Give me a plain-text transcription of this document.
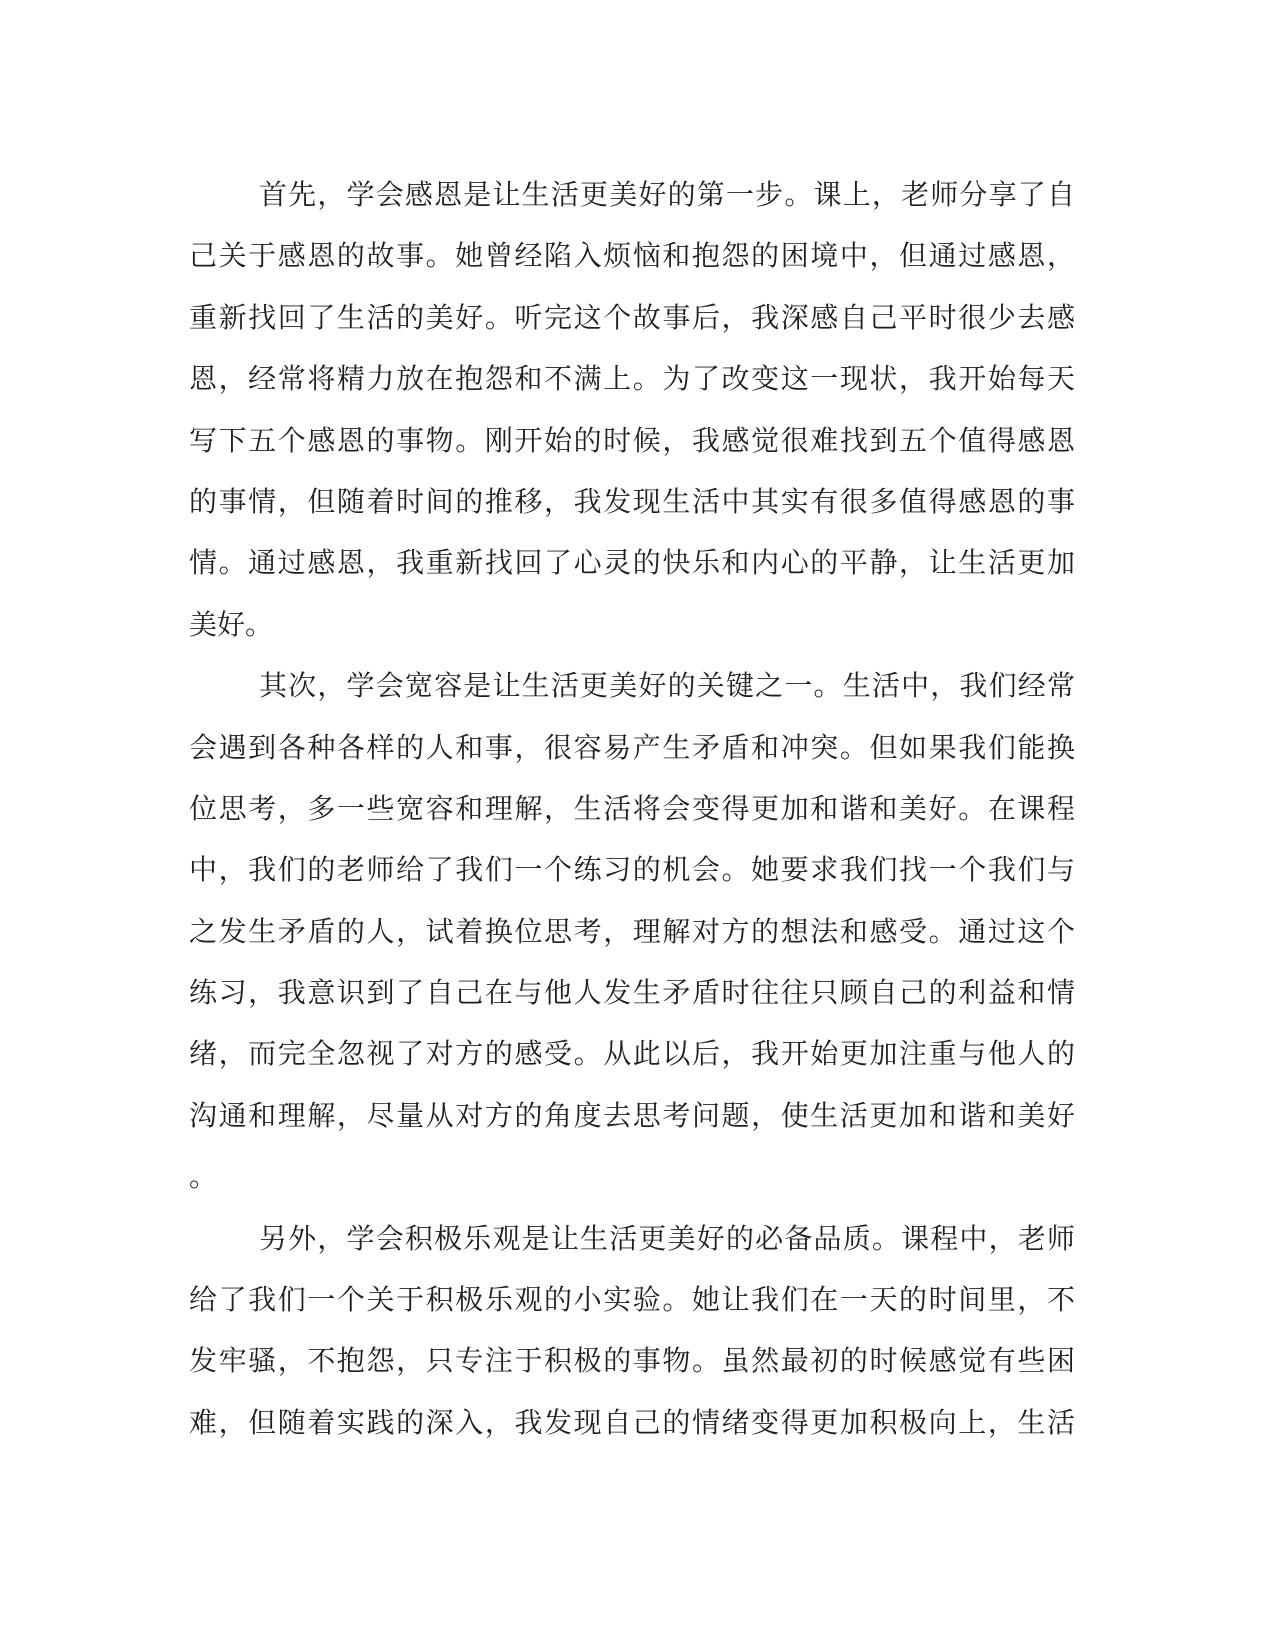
首先，学会感恩是让生活更美好的第一步。课上，老师分享了自
己关于感恩的故事。她曾经陷入烦恼和抱怨的困境中，但通过感恩，
重新找回了生活的美好。听完这个故事后，我深感自己平时很少去感
恩，经常将精力放在抱怨和不满上。为了改变这一现状，我开始每天
写下五个感恩的事物。刚开始的时候，我感觉很难找到五个值得感恩
的事情，但随着时间的推移，我发现生活中其实有很多值得感恩的事
情。通过感恩，我重新找回了心灵的快乐和内心的平静，让生活更加
美好。
其次，学会宽容是让生活更美好的关键之一。生活中，我们经常
会遇到各种各样的人和事，很容易产生矛盾和冲突。但如果我们能换
位思考，多一些宽容和理解，生活将会变得更加和谐和美好。在课程
中，我们的老师给了我们一个练习的机会。她要求我们找一个我们与
之发生矛盾的人，试着换位思考，理解对方的想法和感受。通过这个
练习，我意识到了自己在与他人发生矛盾时往往只顾自己的利益和情
绪，而完全忽视了对方的感受。从此以后，我开始更加注重与他人的
沟通和理解，尽量从对方的角度去思考问题，使生活更加和谐和美好
。
另外，学会积极乐观是让生活更美好的必备品质。课程中，老师
给了我们一个关于积极乐观的小实验。她让我们在一天的时间里，不
发牢骚，不抱怨，只专注于积极的事物。虽然最初的时候感觉有些困
难，但随着实践的深入，我发现自己的情绪变得更加积极向上，生活
